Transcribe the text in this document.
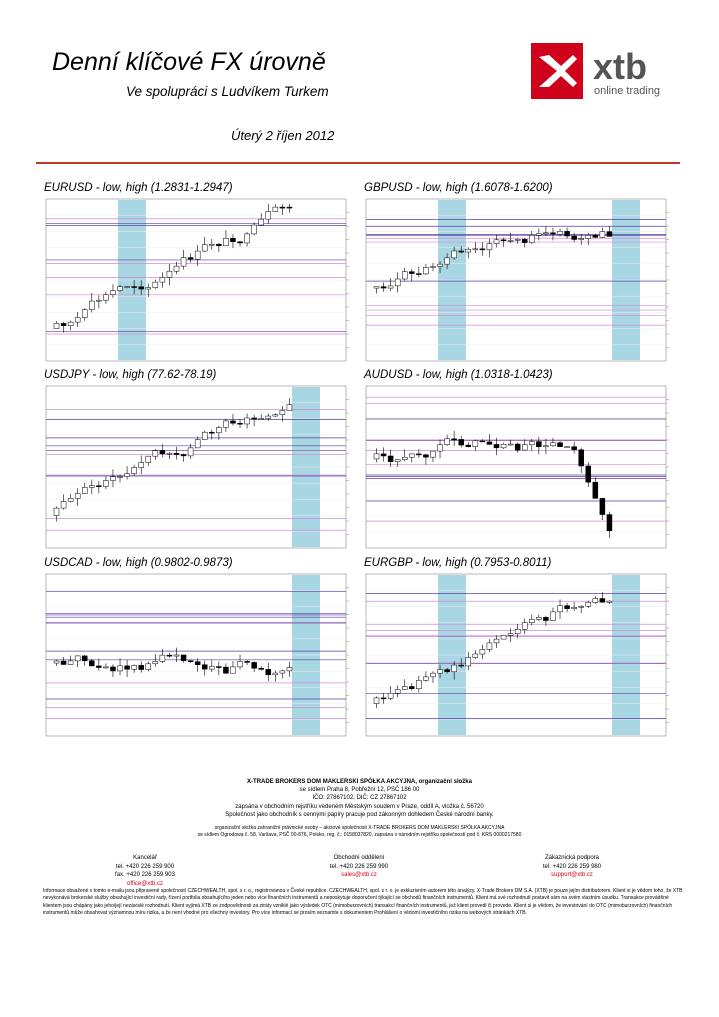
Denní klíčové FX úrovně
Ve spolupráci s Ludvíkem Turkem
Úterý 2 říjen 2012
xtb
online trading
EURUSD - low, high (1.2831-1.2947)	GBPUSD - low, high (1.6078-1.6200)
USDJPY - low, high (77.62-78.19)	AUDUSD - low, high (1.0318-1.0423)
USDCAD - low, high (0.9802-0.9873)	EURGBP - low, high (0.7953-0.8011)
X-TRADE BROKERS DOM MAKLERSKI SPÓŁKA AKCYJNA, organizační složka
se sídlem Praha 8, Pobřežní 12, PSČ 186 00
IČO: 27867102, DIČ: CZ 27867102
zapsána v obchodním rejstříku vedeném Městským soudem v Praze, oddíl A, vložka č. 56720
Společnost jako obchodník s cennými papíry pracuje pod zákonným dohledem České národní banky.
organizační složka zahraniční právnické osoby – akciové společnosti X-TRADE BROKERS DOM MAKLERSKI SPÓŁKA AKCYJNA
se sídlem Ogrodowa č. 58, Varšava, PSČ 00-876, Polsko, reg. č.: 0158037820, zapsána v národním rejstříku společností pod č. KRS 0000217580
Kancelář
tel. +420 226 259 900
fax. +420 226 259 903
office@xtb.cz
Obchodní oddělení
tel. +420 226 259 990
sales@xtb.cz
Zákaznická podpora
tel. +420 226 259 980
support@xtb.cz
Informace obsažené v tomto e-mailu jsou připravené společností CZECHWEALTH, spol. s r. o., registrovanou v České republice. CZECHWEALTH, spol. s r. o. je exkluzivním autorem této analýzy. X-Trade Brokers DM S.A. (XTB) je pouze jejím distributorem. Klient si je vědom toho, že XTB nevykonává brokerské služby obsahující investiční rady, řízení portfolia obsahujícího jeden nebo více finančních instrumentů a neposkytuje doporučení týkající se obchodů finančních instrumentů. Klient má své rozhodnutí postavit sám na svém vlastním úsudku. Transakce prováděné klientem jsou chápány jako jeho/její nezávislé rozhodnutí. Klient vyjímá XTB ze zodpovědnosti za ztráty vzniklé jako výsledek OTC (mimoburzovních) transakcí finančních instrumentů, jež klient provedl či provede. Klient si je vědom, že investování do OTC (mimoburzovních) finančních instrumentů může obsahovat významnou míru rizika, a že není vhodné pro všechny investory. Pro více informací se prosím seznamte s dokumentem Prohlášení o vědomí investičního rizika na webových stránkách XTB.
